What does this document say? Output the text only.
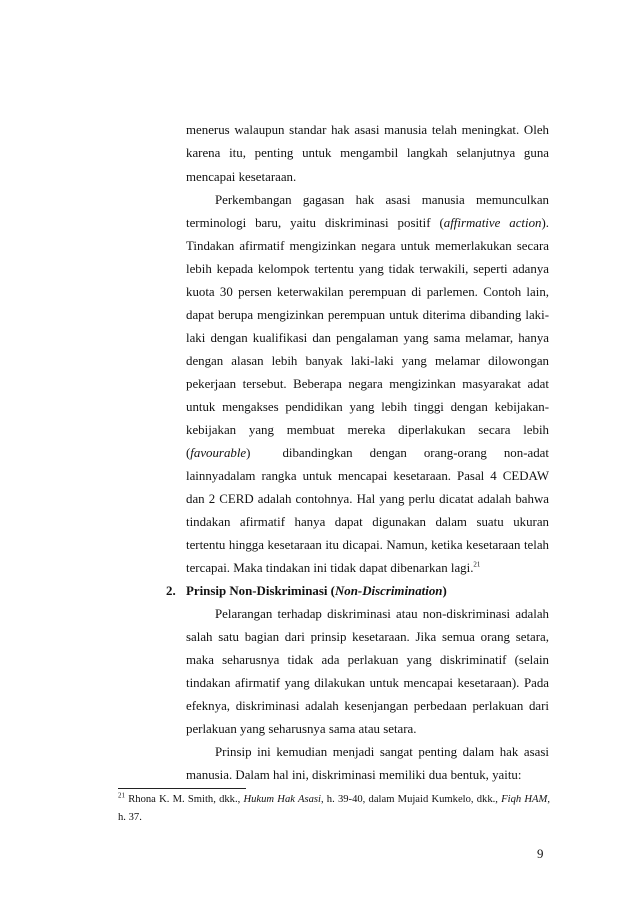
menerus walaupun standar hak asasi manusia telah meningkat. Oleh
karena itu, penting untuk mengambil langkah selanjutnya guna
mencapai kesetaraan.
Perkembangan gagasan hak asasi manusia memunculkan
terminologi baru, yaitu diskriminasi positif (affirmative action).
Tindakan afirmatif mengizinkan negara untuk memerlakukan secara
lebih kepada kelompok tertentu yang tidak terwakili, seperti adanya
kuota 30 persen keterwakilan perempuan di parlemen. Contoh lain,
dapat berupa mengizinkan perempuan untuk diterima dibanding laki-
laki dengan kualifikasi dan pengalaman yang sama melamar, hanya
dengan alasan lebih banyak laki-laki yang melamar dilowongan
pekerjaan tersebut. Beberapa negara mengizinkan masyarakat adat
untuk mengakses pendidikan yang lebih tinggi dengan kebijakan-
kebijakan yang membuat mereka diperlakukan secara lebih
(favourable) dibandingkan dengan orang-orang non-adat
lainnyadalam rangka untuk mencapai kesetaraan. Pasal 4 CEDAW
dan 2 CERD adalah contohnya. Hal yang perlu dicatat adalah bahwa
tindakan afirmatif hanya dapat digunakan dalam suatu ukuran
tertentu hingga kesetaraan itu dicapai. Namun, ketika kesetaraan telah
tercapai. Maka tindakan ini tidak dapat dibenarkan lagi.$^{21}$
2. Prinsip Non-Diskriminasi (Non-Discrimination)
Pelarangan terhadap diskriminasi atau non-diskriminasi adalah
salah satu bagian dari prinsip kesetaraan. Jika semua orang setara,
maka seharusnya tidak ada perlakuan yang diskriminatif (selain
tindakan afirmatif yang dilakukan untuk mencapai kesetaraan). Pada
efeknya, diskriminasi adalah kesenjangan perbedaan perlakuan dari
perlakuan yang seharusnya sama atau setara.
Prinsip ini kemudian menjadi sangat penting dalam hak asasi
manusia. Dalam hal ini, diskriminasi memiliki dua bentuk, yaitu:
$^{21}$ Rhona K. M. Smith, dkk., Hukum Hak Asasi, h. 39-40, dalam Mujaid Kumkelo, dkk., Fiqh HAM,
h. 37.
9
